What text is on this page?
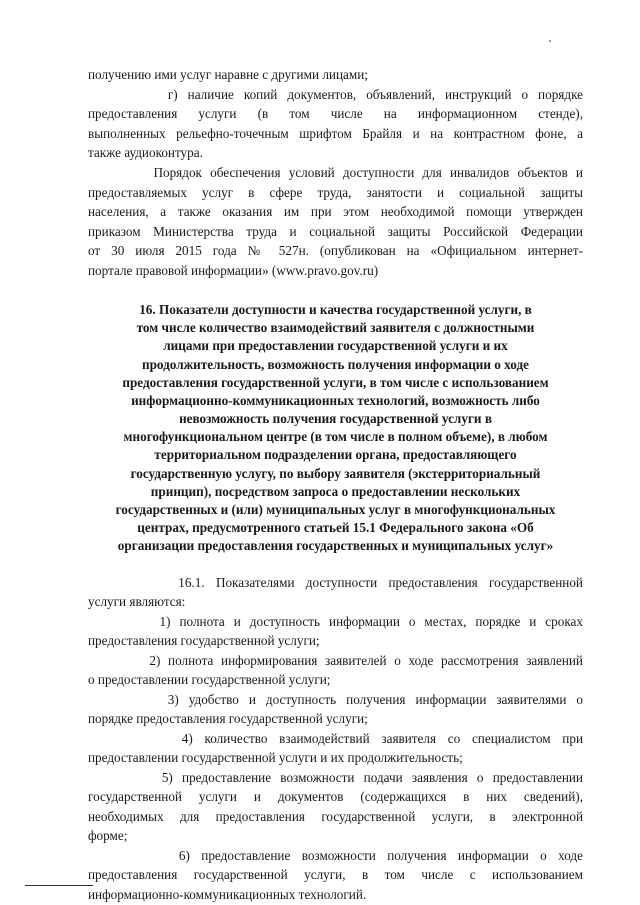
получению ими услуг наравне с другими лицами;
г) наличие копий документов, объявлений, инструкций о порядке
предоставления услуги (в том числе на информационном стенде),
выполненных рельефно-точечным шрифтом Брайля и на контрастном фоне, а
также аудиоконтура.
Порядок обеспечения условий доступности для инвалидов объектов и
предоставляемых услуг в сфере труда, занятости и социальной защиты
населения, а также оказания им при этом необходимой помощи утвержден
приказом Министерства труда и социальной защиты Российской Федерации
от 30 июля 2015 года № 527н. (опубликован на «Официальном интернет-
портале правовой информации» (www.pravo.gov.ru)
16. Показатели доступности и качества государственной услуги, в
том числе количество взаимодействий заявителя с должностными
лицами при предоставлении государственной услуги и их
продолжительность, возможность получения информации о ходе
предоставления государственной услуги, в том числе с использованием
информационно-коммуникационных технологий, возможность либо
невозможность получения государственной услуги в
многофункциональном центре (в том числе в полном объеме), в любом
территориальном подразделении органа, предоставляющего
государственную услугу, по выбору заявителя (экстерриториальный
принцип), посредством запроса о предоставлении нескольких
государственных и (или) муниципальных услуг в многофункциональных
центрах, предусмотренного статьей 15.1 Федерального закона «Об
организации предоставления государственных и муниципальных услуг»
16.1. Показателями доступности предоставления государственной
услуги являются:
1) полнота и доступность информации о местах, порядке и сроках
предоставления государственной услуги;
2) полнота информирования заявителей о ходе рассмотрения заявлений
о предоставлении государственной услуги;
3) удобство и доступность получения информации заявителями о
порядке предоставления государственной услуги;
4) количество взаимодействий заявителя со специалистом при
предоставлении государственной услуги и их продолжительность;
5) предоставление возможности подачи заявления о предоставлении
государственной услуги и документов (содержащихся в них сведений),
необходимых для предоставления государственной услуги, в электронной
форме;
6) предоставление возможности получения информации о ходе
предоставления государственной услуги, в том числе с использованием
информационно-коммуникационных технологий.
